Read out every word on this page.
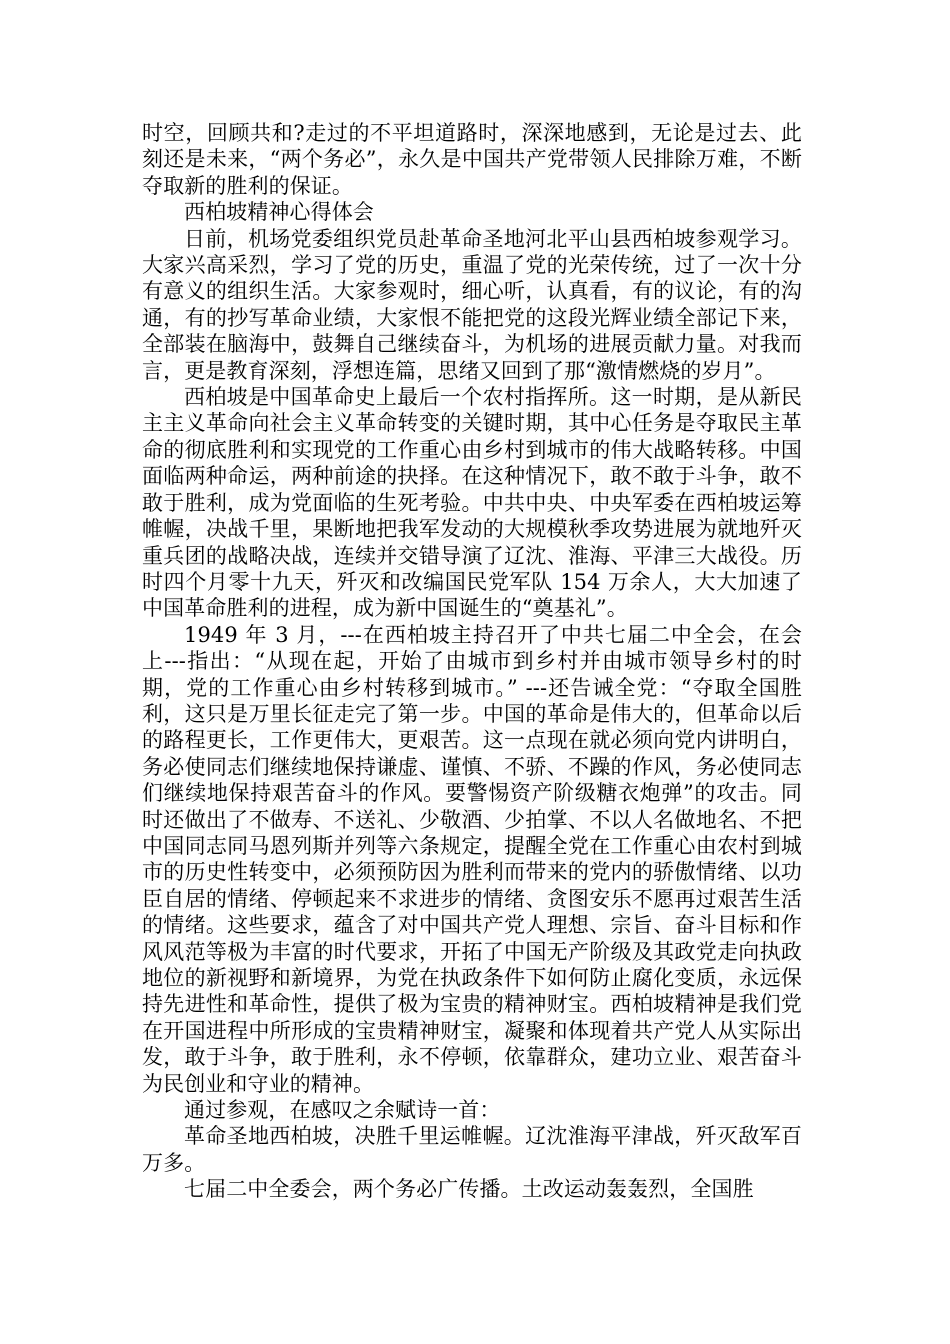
时空，回顾共和?走过的不平坦道路时，深深地感到，无论是过去、此刻还是未来，“两个务必”，永久是中国共产党带领人民排除万难，不断夺取新的胜利的保证。

西柏坡精神心得体会

日前，机场党委组织党员赴革命圣地河北平山县西柏坡参观学习。大家兴高采烈，学习了党的历史，重温了党的光荣传统，过了一次十分有意义的组织生活。大家参观时，细心听，认真看，有的议论，有的沟通，有的抄写革命业绩，大家恨不能把党的这段光辉业绩全部记下来，全部装在脑海中，鼓舞自己继续奋斗，为机场的进展贡献力量。对我而言，更是教育深刻，浮想连篇，思绪又回到了那“激情燃烧的岁月”。

西柏坡是中国革命史上最后一个农村指挥所。这一时期，是从新民主主义革命向社会主义革命转变的关键时期，其中心任务是夺取民主革命的彻底胜利和实现党的工作重心由乡村到城市的伟大战略转移。中国面临两种命运，两种前途的抉择。在这种情况下，敢不敢于斗争，敢不敢于胜利，成为党面临的生死考验。中共中央、中央军委在西柏坡运筹帷幄，决战千里，果断地把我军发动的大规模秋季攻势进展为就地歼灭重兵团的战略决战，连续并交错导演了辽沈、淮海、平津三大战役。历时四个月零十九天，歼灭和改编国民党军队 154 万余人，大大加速了中国革命胜利的进程，成为新中国诞生的“奠基礼”。

1949 年 3 月，---在西柏坡主持召开了中共七届二中全会，在会上---指出：“从现在起，开始了由城市到乡村并由城市领导乡村的时期，党的工作重心由乡村转移到城市。” ---还告诫全党：“夺取全国胜利，这只是万里长征走完了第一步。中国的革命是伟大的，但革命以后的路程更长，工作更伟大，更艰苦。这一点现在就必须向党内讲明白，务必使同志们继续地保持谦虚、谨慎、不骄、不躁的作风，务必使同志们继续地保持艰苦奋斗的作风。要警惕资产阶级糖衣炮弹”的攻击。同时还做出了不做寿、不送礼、少敬酒、少拍掌、不以人名做地名、不把中国同志同马恩列斯并列等六条规定，提醒全党在工作重心由农村到城市的历史性转变中，必须预防因为胜利而带来的党内的骄傲情绪、以功臣自居的情绪、停顿起来不求进步的情绪、贪图安乐不愿再过艰苦生活的情绪。这些要求，蕴含了对中国共产党人理想、宗旨、奋斗目标和作风风范等极为丰富的时代要求，开拓了中国无产阶级及其政党走向执政地位的新视野和新境界，为党在执政条件下如何防止腐化变质，永远保持先进性和革命性，提供了极为宝贵的精神财宝。西柏坡精神是我们党在开国进程中所形成的宝贵精神财宝，凝聚和体现着共产党人从实际出发，敢于斗争，敢于胜利，永不停顿，依靠群众，建功立业、艰苦奋斗为民创业和守业的精神。

通过参观，在感叹之余赋诗一首：

革命圣地西柏坡，决胜千里运帷幄。辽沈淮海平津战，歼灭敌军百万多。

七届二中全委会，两个务必广传播。土改运动轰轰烈，全国胜
